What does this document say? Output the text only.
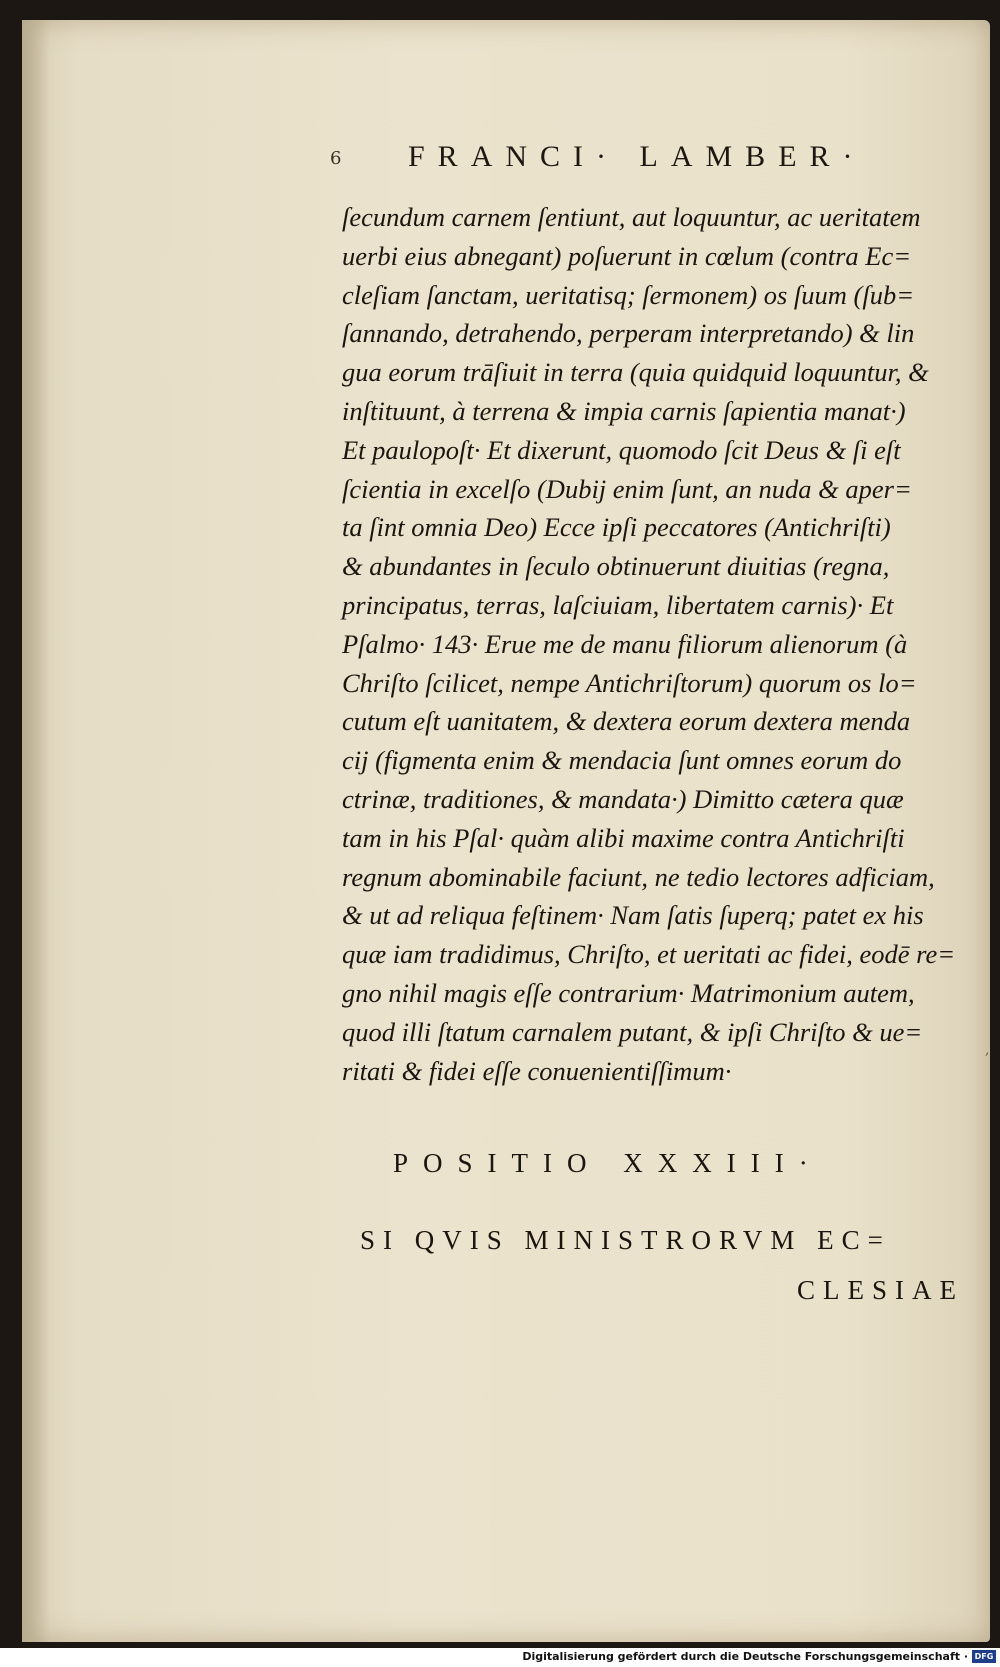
6 FRANCI· LAMBER·
ſecundum carnem ſentiunt, aut loquuntur, ac ueritatem
uerbi eius abnegant) poſuerunt in cœlum (contra Ec=
cleſiam ſanctam, ueritatisq; ſermonem) os ſuum (ſub=
ſannando, detrahendo, perperam interpretando) & lin
gua eorum trāſiuit in terra (quia quidquid loquuntur, &
inſtituunt, à terrena & impia carnis ſapientia manat·)
Et paulopoſt· Et dixerunt, quomodo ſcit Deus & ſi eſt
ſcientia in excelſo (Dubij enim ſunt, an nuda & aper=
ta ſint omnia Deo) Ecce ipſi peccatores (Antichriſti)
& abundantes in ſeculo obtinuerunt diuitias (regna,
principatus, terras, laſciuiam, libertatem carnis)· Et
Pſalmo· 143· Erue me de manu filiorum alienorum (à
Chriſto ſcilicet, nempe Antichriſtorum) quorum os lo=
cutum eſt uanitatem, & dextera eorum dextera menda
cij (figmenta enim & mendacia ſunt omnes eorum do
ctrinæ, traditiones, & mandata·) Dimitto cætera quæ
tam in his Pſal· quàm alibi maxime contra Antichriſti
regnum abominabile faciunt, ne tedio lectores adficiam,
& ut ad reliqua feſtinem· Nam ſatis ſuperq; patet ex his
quæ iam tradidimus, Chriſto, et ueritati ac fidei, eodē re=
gno nihil magis eſſe contrarium· Matrimonium autem,
quod illi ſtatum carnalem putant, & ipſi Chriſto & ue=
ritati & fidei eſſe conuenientiſſimum·
POSITIO XXXIII·
SI QVIS MINISTRORVM EC=
CLESIAE
,
Digitalisierung gefördert durch die Deutsche Forschungsgemeinschaft · DFG
